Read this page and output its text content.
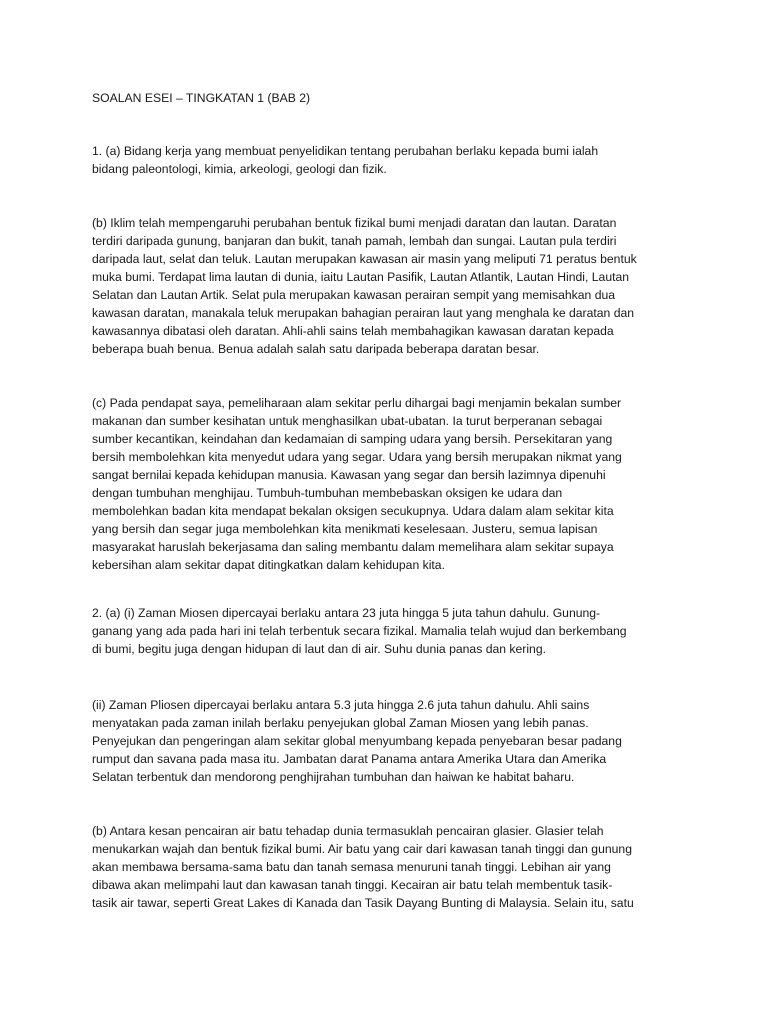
SOALAN ESEI – TINGKATAN 1 (BAB 2)

1. (a) Bidang kerja yang membuat penyelidikan tentang perubahan berlaku kepada bumi ialah
bidang paleontologi, kimia, arkeologi, geologi dan fizik.
(b) Iklim telah mempengaruhi perubahan bentuk fizikal bumi menjadi daratan dan lautan. Daratan
terdiri daripada gunung, banjaran dan bukit, tanah pamah, lembah dan sungai. Lautan pula terdiri
daripada laut, selat dan teluk. Lautan merupakan kawasan air masin yang meliputi 71 peratus bentuk
muka bumi. Terdapat lima lautan di dunia, iaitu Lautan Pasifik, Lautan Atlantik, Lautan Hindi, Lautan
Selatan dan Lautan Artik. Selat pula merupakan kawasan perairan sempit yang memisahkan dua
kawasan daratan, manakala teluk merupakan bahagian perairan laut yang menghala ke daratan dan
kawasannya dibatasi oleh daratan. Ahli-ahli sains telah membahagikan kawasan daratan kepada
beberapa buah benua. Benua adalah salah satu daripada beberapa daratan besar.
(c) Pada pendapat saya, pemeliharaan alam sekitar perlu dihargai bagi menjamin bekalan sumber
makanan dan sumber kesihatan untuk menghasilkan ubat-ubatan. Ia turut berperanan sebagai
sumber kecantikan, keindahan dan kedamaian di samping udara yang bersih. Persekitaran yang
bersih membolehkan kita menyedut udara yang segar. Udara yang bersih merupakan nikmat yang
sangat bernilai kepada kehidupan manusia. Kawasan yang segar dan bersih lazimnya dipenuhi
dengan tumbuhan menghijau. Tumbuh-tumbuhan membebaskan oksigen ke udara dan
membolehkan badan kita mendapat bekalan oksigen secukupnya. Udara dalam alam sekitar kita
yang bersih dan segar juga membolehkan kita menikmati keselesaan. Justeru, semua lapisan
masyarakat haruslah bekerjasama dan saling membantu dalam memelihara alam sekitar supaya
kebersihan alam sekitar dapat ditingkatkan dalam kehidupan kita.
2. (a) (i) Zaman Miosen dipercayai berlaku antara 23 juta hingga 5 juta tahun dahulu. Gunung-
ganang yang ada pada hari ini telah terbentuk secara fizikal. Mamalia telah wujud dan berkembang
di bumi, begitu juga dengan hidupan di laut dan di air. Suhu dunia panas dan kering.
(ii) Zaman Pliosen dipercayai berlaku antara 5.3 juta hingga 2.6 juta tahun dahulu. Ahli sains
menyatakan pada zaman inilah berlaku penyejukan global Zaman Miosen yang lebih panas.
Penyejukan dan pengeringan alam sekitar global menyumbang kepada penyebaran besar padang
rumput dan savana pada masa itu. Jambatan darat Panama antara Amerika Utara dan Amerika
Selatan terbentuk dan mendorong penghijrahan tumbuhan dan haiwan ke habitat baharu.
(b) Antara kesan pencairan air batu tehadap dunia termasuklah pencairan glasier. Glasier telah
menukarkan wajah dan bentuk fizikal bumi. Air batu yang cair dari kawasan tanah tinggi dan gunung
akan membawa bersama-sama batu dan tanah semasa menuruni tanah tinggi. Lebihan air yang
dibawa akan melimpahi laut dan kawasan tanah tinggi. Kecairan air batu telah membentuk tasik-
tasik air tawar, seperti Great Lakes di Kanada dan Tasik Dayang Bunting di Malaysia. Selain itu, satu
